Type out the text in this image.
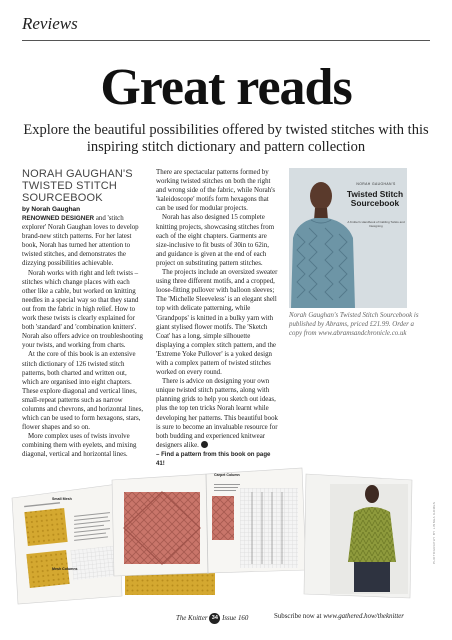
Reviews
Great reads

Explore the beautiful possibilities offered by twisted stitches with this inspiring stitch dictionary and pattern collection

NORAH GAUGHAN'S TWISTED STITCH SOURCEBOOK
by Norah Gaughan

RENOWNED DESIGNER and 'stitch explorer' Norah Gaughan loves to develop brand-new stitch patterns. For her latest book, Norah has turned her attention to twisted stitches, and demonstrates the dizzying possibilities achievable.

Norah works with right and left twists – stitches which change places with each other like a cable, but worked on knitting needles in a special way so that they stand out from the fabric in high relief. How to work these twists is clearly explained for both 'standard' and 'combination knitters'. Norah also offers advice on troubleshooting your twists, and working from charts.

At the core of this book is an extensive stitch dictionary of 126 twisted stitch patterns, both charted and written out, which are organised into eight chapters. These explore diagonal and vertical lines, small-repeat patterns such as narrow columns and chevrons, and horizontal lines, which can be used to form hexagons, stars, flower shapes and so on.

More complex uses of twists involve combining them with eyelets, and mixing diagonal, vertical and horizontal lines.

There are spectacular patterns formed by working twisted stitches on both the right and wrong side of the fabric, while Norah's 'kaleidoscope' motifs form hexagons that can be used for modular projects.

Norah has also designed 15 complete knitting projects, showcasing stitches from each of the eight chapters. Garments are size-inclusive to fit busts of 30in to 62in, and guidance is given at the end of each project on substituting pattern stitches.

The projects include an oversized sweater using three different motifs, and a cropped, loose-fitting pullover with balloon sleeves; The 'Michelle Sleeveless' is an elegant shell top with delicate patterning, while 'Grandpops' is knitted in a bulky yarn with giant stylised flower motifs. The 'Sketch Coat' has a long, simple silhouette displaying a complex stitch pattern, and the 'Extreme Yoke Pullover' is a yoked design with a complex pattern of twisted stitches worked on every round.

There is advice on designing your own unique twisted stitch patterns, along with planning grids to help you sketch out ideas, plus the top ten tricks Norah learnt while developing her patterns. This beautiful book is sure to become an invaluable resource for both budding and experienced knitwear designers alike.

– Find a pattern from this book on page 41!

NORAH GAUGHAN'S
Twisted Stitch Sourcebook
A Knitter's Handbook of Cabling Twists and Designing

Norah Gaughan's Twisted Stitch Sourcebook is published by Abrams, priced £21.99. Order a copy from www.abramsandchronicle.co.uk

Small Mesh
Mesh Columns
Carpet Column
PHOTOGRAPHY BY LINNEA GOMES
The Knitter 34 Issue 160	Subscribe now at www.gathered.how/theknitter
